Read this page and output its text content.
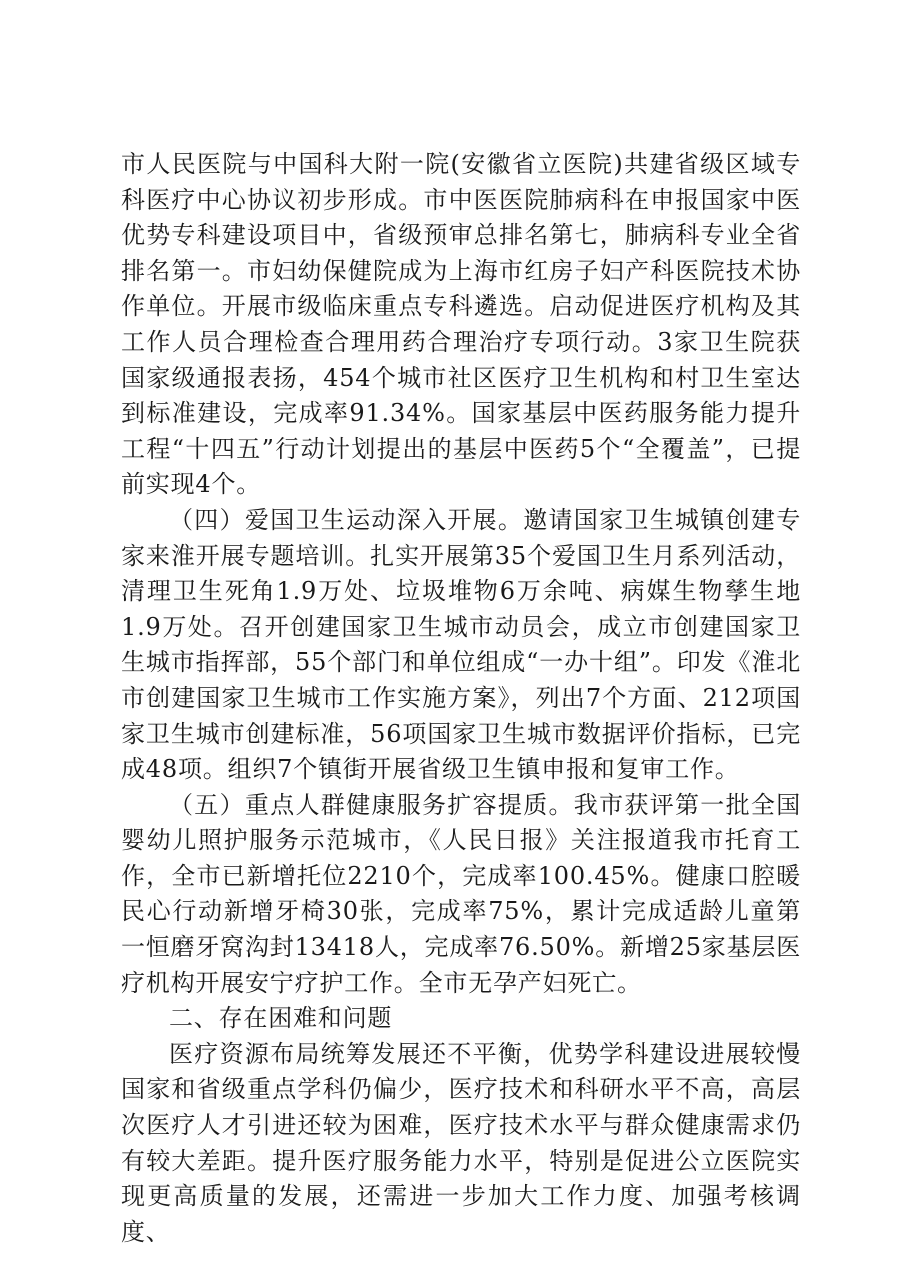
市人民医院与中国科大附一院(安徽省立医院)共建省级区域专科医疗中心协议初步形成。市中医医院肺病科在申报国家中医优势专科建设项目中，省级预审总排名第七，肺病科专业全省排名第一。市妇幼保健院成为上海市红房子妇产科医院技术协作单位。开展市级临床重点专科遴选。启动促进医疗机构及其工作人员合理检查合理用药合理治疗专项行动。3家卫生院获国家级通报表扬，454个城市社区医疗卫生机构和村卫生室达到标准建设，完成率91.34%。国家基层中医药服务能力提升工程“十四五”行动计划提出的基层中医药5个“全覆盖”，已提前实现4个。

（四）爱国卫生运动深入开展。邀请国家卫生城镇创建专家来淮开展专题培训。扎实开展第35个爱国卫生月系列活动，清理卫生死角1.9万处、垃圾堆物6万余吨、病媒生物孳生地1.9万处。召开创建国家卫生城市动员会，成立市创建国家卫生城市指挥部，55个部门和单位组成“一办十组”。印发《淮北市创建国家卫生城市工作实施方案》，列出7个方面、212项国家卫生城市创建标准，56项国家卫生城市数据评价指标，已完成48项。组织7个镇街开展省级卫生镇申报和复审工作。

（五）重点人群健康服务扩容提质。我市获评第一批全国婴幼儿照护服务示范城市，《人民日报》关注报道我市托育工作，全市已新增托位2210个，完成率100.45%。健康口腔暖民心行动新增牙椅30张，完成率75%，累计完成适龄儿童第一恒磨牙窝沟封13418人，完成率76.50%。新增25家基层医疗机构开展安宁疗护工作。全市无孕产妇死亡。

二、存在困难和问题

医疗资源布局统筹发展还不平衡，优势学科建设进展较慢国家和省级重点学科仍偏少，医疗技术和科研水平不高，高层次医疗人才引进还较为困难，医疗技术水平与群众健康需求仍有较大差距。提升医疗服务能力水平，特别是促进公立医院实现更高质量的发展，还需进一步加大工作力度、加强考核调度、
